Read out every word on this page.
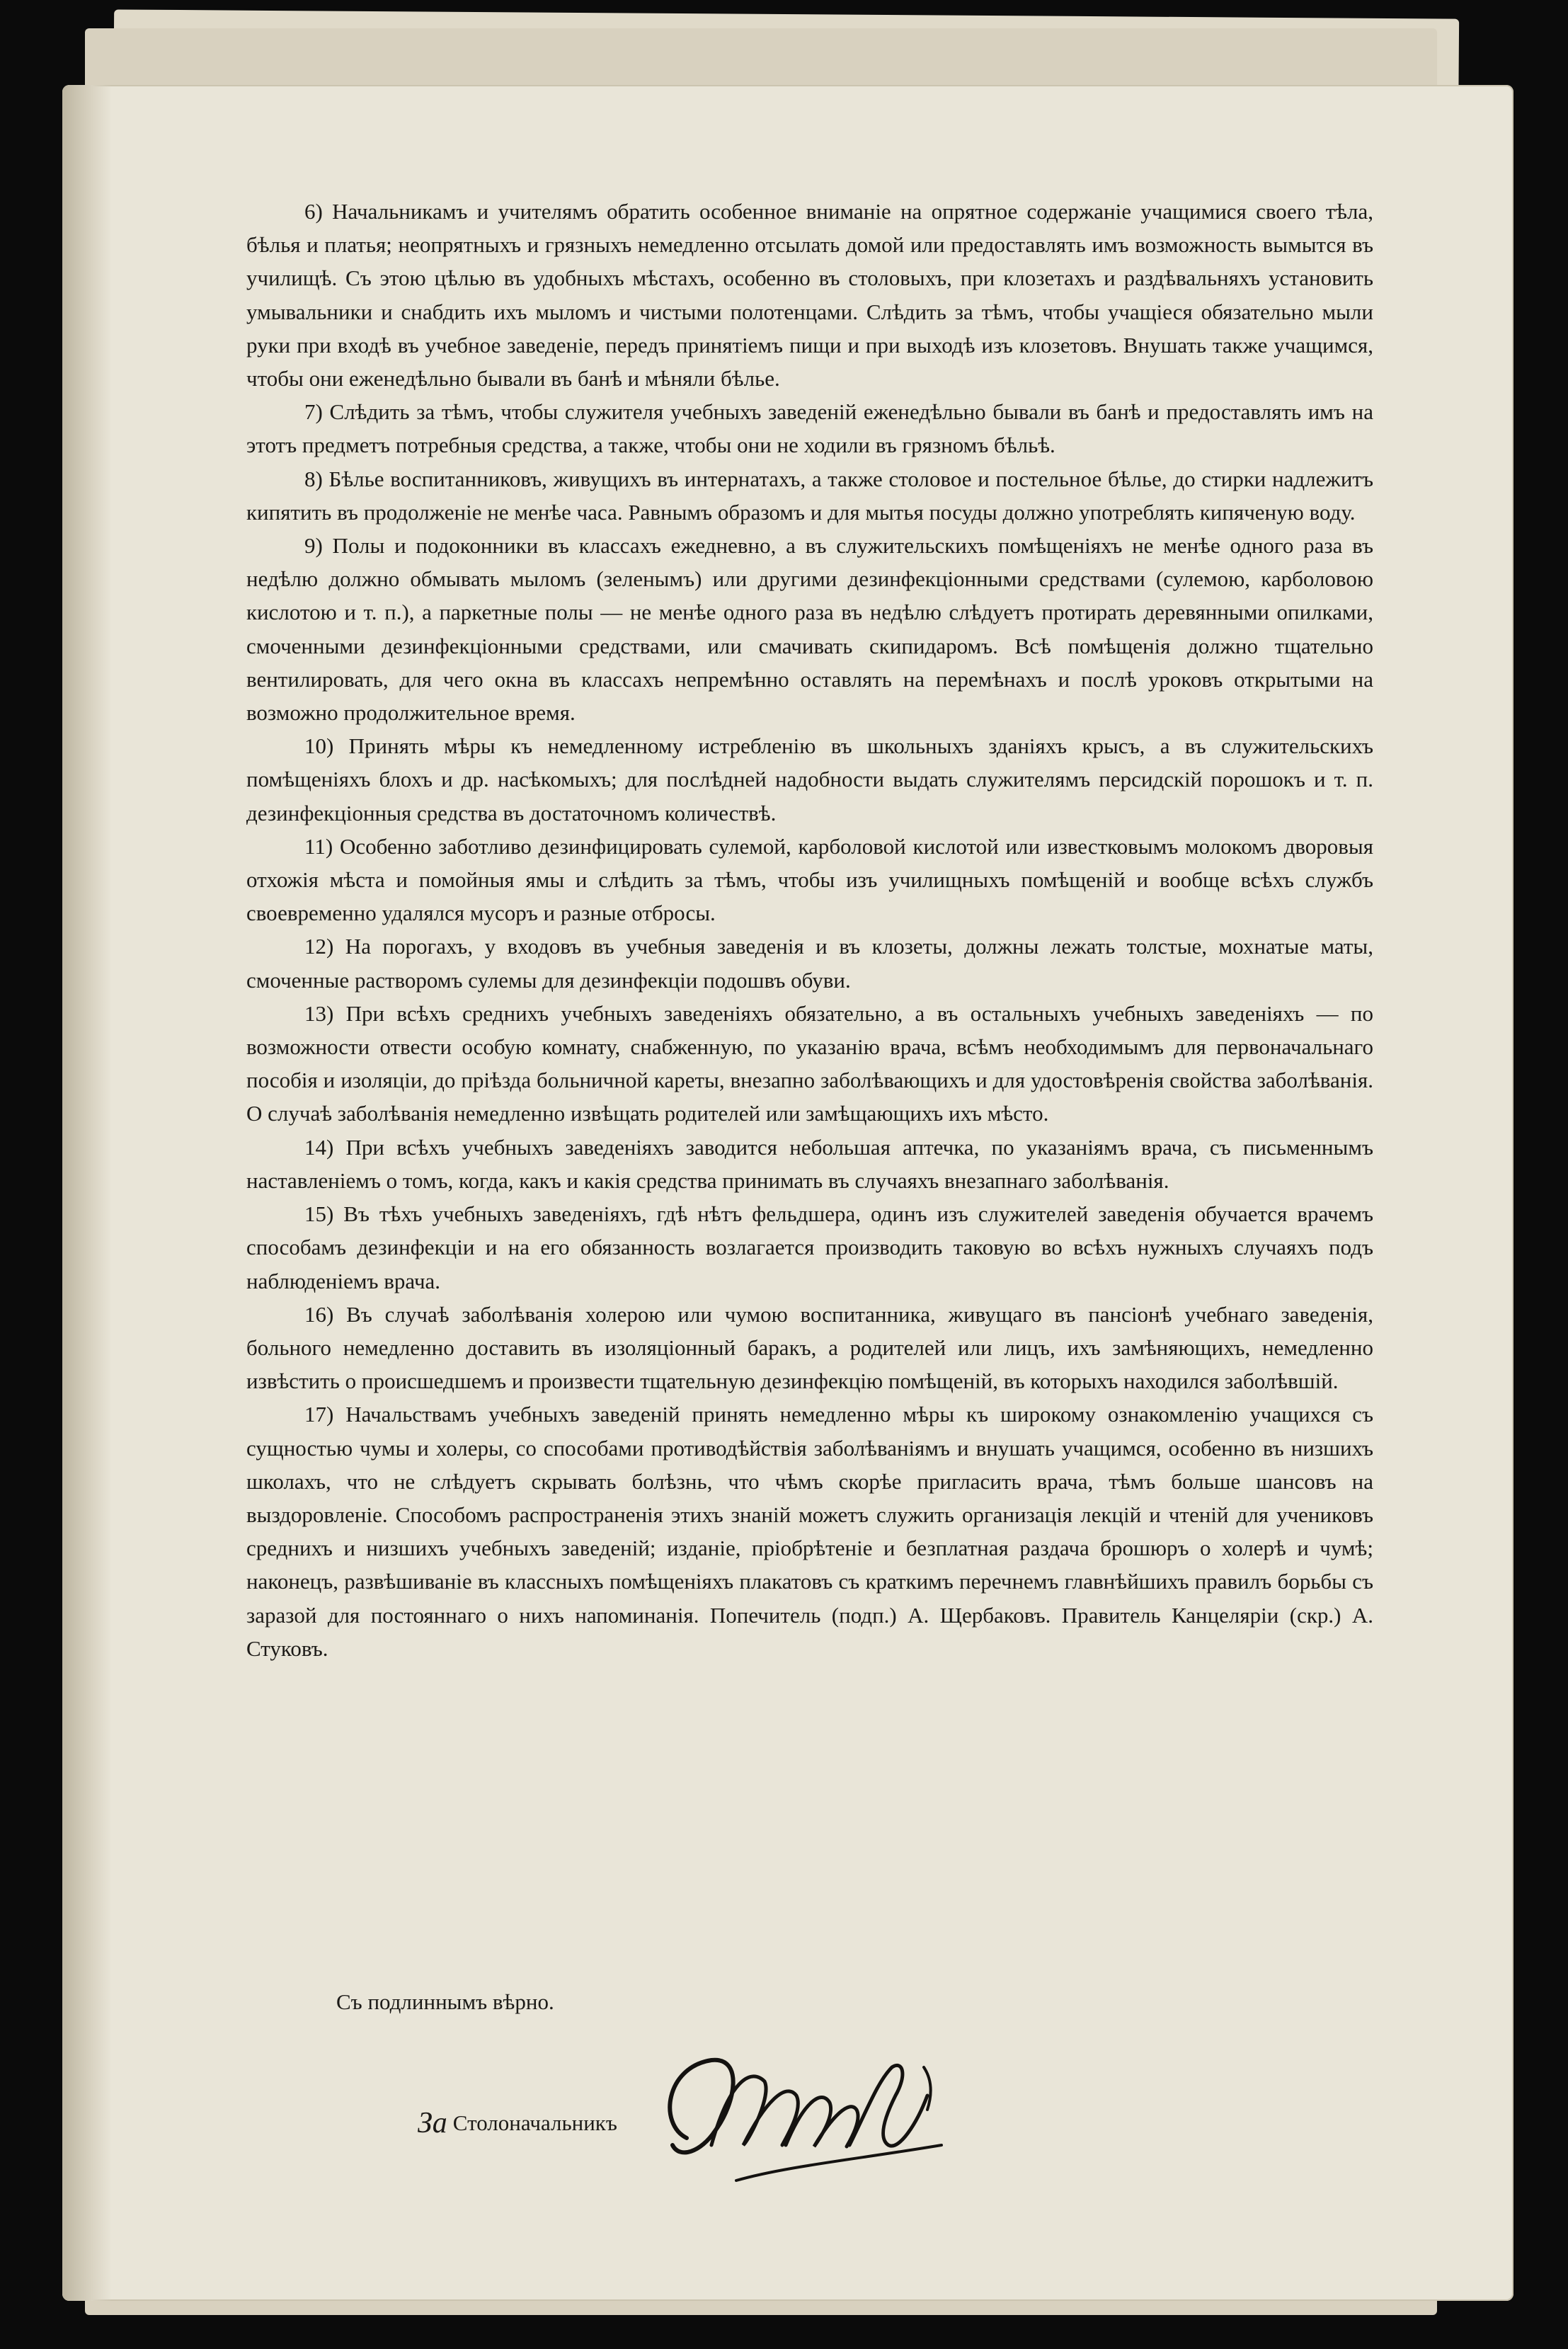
6) Начальникамъ и учителямъ обратить особенное вниманіе на опрятное содержаніе учащимися своего тѣла, бѣлья и платья; неопрятныхъ и грязныхъ немедленно отсылать домой или предоставлять имъ возможность вымытся въ училищѣ. Съ этою цѣлью въ удобныхъ мѣстахъ, особенно въ столовыхъ, при клозетахъ и раздѣвальняхъ установить умывальники и снабдить ихъ мыломъ и чистыми полотенцами. Слѣдить за тѣмъ, чтобы учащіеся обязательно мыли руки при входѣ въ учебное заведеніе, передъ принятіемъ пищи и при выходѣ изъ клозетовъ. Внушать также учащимся, чтобы они еженедѣльно бывали въ банѣ и мѣняли бѣлье.

7) Слѣдить за тѣмъ, чтобы служителя учебныхъ заведеній еженедѣльно бывали въ банѣ и предоставлять имъ на этотъ предметъ потребныя средства, а также, чтобы они не ходили въ грязномъ бѣльѣ.

8) Бѣлье воспитанниковъ, живущихъ въ интернатахъ, а также столовое и постельное бѣлье, до стирки надлежитъ кипятить въ продолженіе не менѣе часа. Равнымъ образомъ и для мытья посуды должно употреблять кипяченую воду.

9) Полы и подоконники въ классахъ ежедневно, а въ служительскихъ помѣщеніяхъ не менѣе одного раза въ недѣлю должно обмывать мыломъ (зеленымъ) или другими дезинфекціонными средствами (сулемою, карболовою кислотою и т. п.), а паркетные полы — не менѣе одного раза въ недѣлю слѣдуетъ протирать деревянными опилками, смоченными дезинфекціонными средствами, или смачивать скипидаромъ. Всѣ помѣщенія должно тщательно вентилировать, для чего окна въ классахъ непремѣнно оставлять на перемѣнахъ и послѣ уроковъ открытыми на возможно продолжительное время.

10) Принять мѣры къ немедленному истребленію въ школьныхъ зданіяхъ крысъ, а въ служительскихъ помѣщеніяхъ блохъ и др. насѣкомыхъ; для послѣдней надобности выдать служителямъ персидскій порошокъ и т. п. дезинфекціонныя средства въ достаточномъ количествѣ.

11) Особенно заботливо дезинфицировать сулемой, карболовой кислотой или известковымъ молокомъ дворовыя отхожія мѣста и помойныя ямы и слѣдить за тѣмъ, чтобы изъ училищныхъ помѣщеній и вообще всѣхъ службъ своевременно удалялся мусоръ и разные отбросы.

12) На порогахъ, у входовъ въ учебныя заведенія и въ клозеты, должны лежать толстые, мохнатые маты, смоченные растворомъ сулемы для дезинфекціи подошвъ обуви.

13) При всѣхъ среднихъ учебныхъ заведеніяхъ обязательно, а въ остальныхъ учебныхъ заведеніяхъ — по возможности отвести особую комнату, снабженную, по указанію врача, всѣмъ необходимымъ для первоначальнаго пособія и изоляціи, до пріѣзда больничной кареты, внезапно заболѣвающихъ и для удостовѣренія свойства заболѣванія. О случаѣ заболѣванія немедленно извѣщать родителей или замѣщающихъ ихъ мѣсто.

14) При всѣхъ учебныхъ заведеніяхъ заводится небольшая аптечка, по указаніямъ врача, съ письменнымъ наставленіемъ о томъ, когда, какъ и какія средства принимать въ случаяхъ внезапнаго заболѣванія.

15) Въ тѣхъ учебныхъ заведеніяхъ, гдѣ нѣтъ фельдшера, одинъ изъ служителей заведенія обучается врачемъ способамъ дезинфекціи и на его обязанность возлагается производить таковую во всѣхъ нужныхъ случаяхъ подъ наблюденіемъ врача.

16) Въ случаѣ заболѣванія холерою или чумою воспитанника, живущаго въ пансіонѣ учебнаго заведенія, больного немедленно доставить въ изоляціонный баракъ, а родителей или лицъ, ихъ замѣняющихъ, немедленно извѣстить о происшедшемъ и произвести тщательную дезинфекцію помѣщеній, въ которыхъ находился заболѣвшій.

17) Начальствамъ учебныхъ заведеній принять немедленно мѣры къ широкому ознакомленію учащихся съ сущностью чумы и холеры, со способами противодѣйствія заболѣваніямъ и внушать учащимся, особенно въ низшихъ школахъ, что не слѣдуетъ скрывать болѣзнь, что чѣмъ скорѣе пригласить врача, тѣмъ больше шансовъ на выздоровленіе. Способомъ распространенія этихъ знаній можетъ служить организація лекцій и чтеній для учениковъ среднихъ и низшихъ учебныхъ заведеній; изданіе, пріобрѣтеніе и безплатная раздача брошюръ о холерѣ и чумѣ; наконецъ, развѣшиваніе въ классныхъ помѣщеніяхъ плакатовъ съ краткимъ перечнемъ главнѣйшихъ правилъ борьбы съ заразой для постояннаго о нихъ напоминанія. Попечитель (подп.) А. Щербаковъ. Правитель Канцеляріи (скр.) А. Стуковъ.

Съ подлиннымъ вѣрно.
За Столоначальникъ
